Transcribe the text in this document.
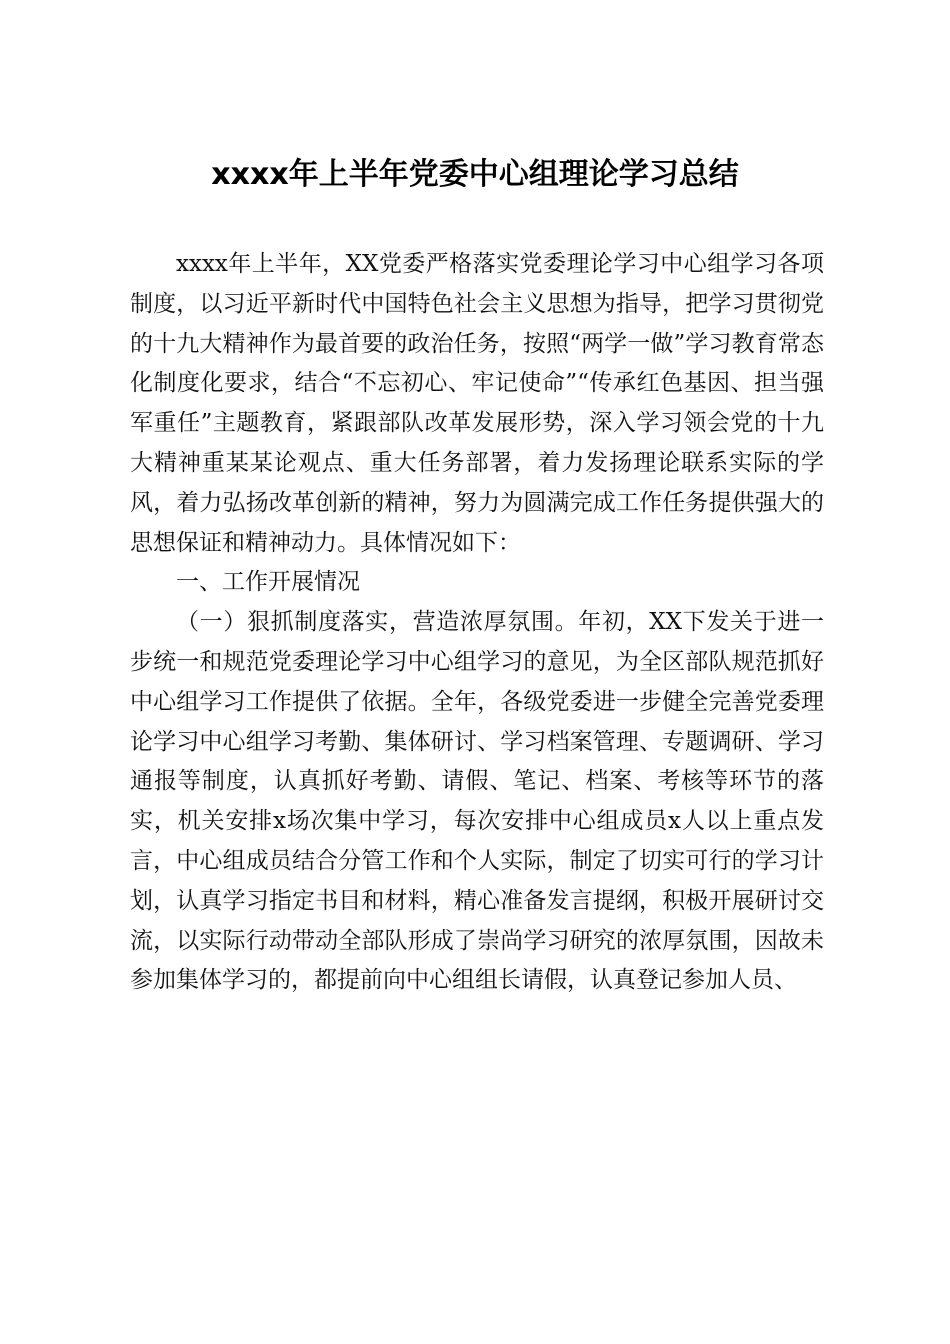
xxxx年上半年党委中心组理论学习总结

xxxx年上半年，XX党委严格落实党委理论学习中心组学习各项制度，以习近平新时代中国特色社会主义思想为指导，把学习贯彻党的十九大精神作为最首要的政治任务，按照“两学一做”学习教育常态化制度化要求，结合“不忘初心、牢记使命”“传承红色基因、担当强军重任”主题教育，紧跟部队改革发展形势，深入学习领会党的十九大精神重某某论观点、重大任务部署，着力发扬理论联系实际的学风，着力弘扬改革创新的精神，努力为圆满完成工作任务提供强大的思想保证和精神动力。具体情况如下：

一、工作开展情况

（一）狠抓制度落实，营造浓厚氛围。年初，XX下发关于进一步统一和规范党委理论学习中心组学习的意见，为全区部队规范抓好中心组学习工作提供了依据。全年，各级党委进一步健全完善党委理论学习中心组学习考勤、集体研讨、学习档案管理、专题调研、学习通报等制度，认真抓好考勤、请假、笔记、档案、考核等环节的落实，机关安排x场次集中学习，每次安排中心组成员x人以上重点发言，中心组成员结合分管工作和个人实际，制定了切实可行的学习计划，认真学习指定书目和材料，精心准备发言提纲，积极开展研讨交流，以实际行动带动全部队形成了崇尚学习研究的浓厚氛围，因故未参加集体学习的，都提前向中心组组长请假，认真登记参加人员、
